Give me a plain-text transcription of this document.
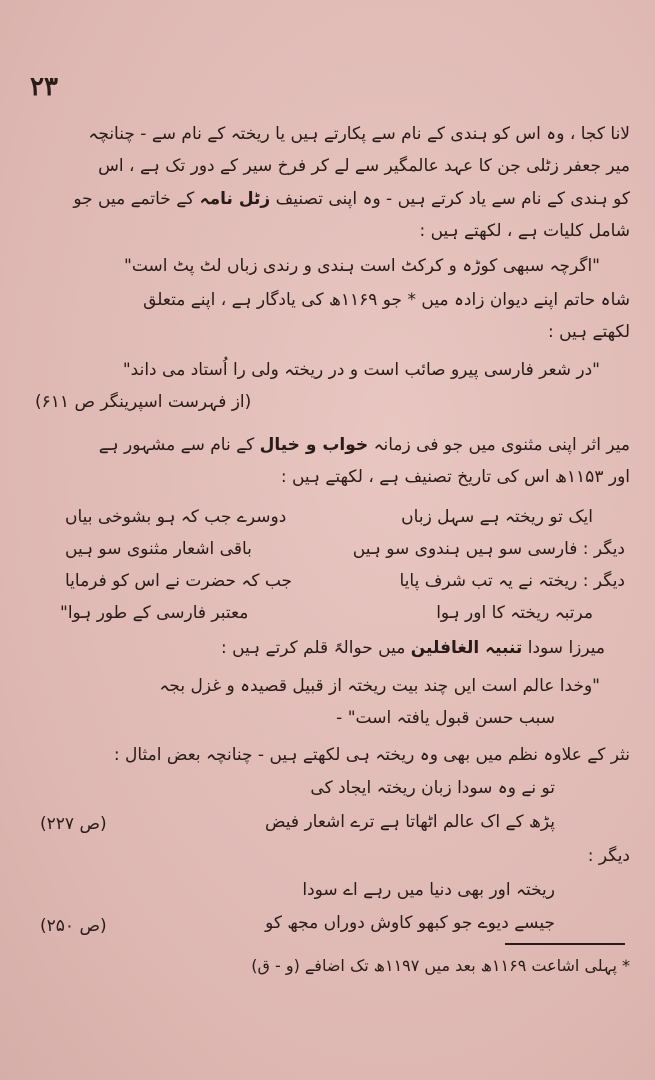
۲۳
لانا کجا ، وہ اس کو ہندی کے نام سے پکارتے ہیں یا ریختہ کے نام سے - چنانچہ
میر جعفر زٹلی جن کا عہد عالمگیر سے لے کر فرخ سیر کے دور تک ہے ، اس
کو ہندی کے نام سے یاد کرتے ہیں - وہ اپنی تصنیف زٹل نامہ کے خاتمے میں جو
شامل کلیات ہے ، لکھتے ہیں :
"اگرچہ سبھی کوڑہ و کرکٹ است ہندی و رندی زباں لٹ پٹ است"
شاہ حاتم اپنے دیوان زادہ میں * جو ۱۱۶۹ھ کی یادگار ہے ، اپنے متعلق
لکھتے ہیں :
"در شعر فارسی پیرو صائب است و در ریختہ ولی را اُستاد می داند"
(از فہرست اسپرینگر ص ۶۱۱)
میر اثر اپنی مثنوی میں جو فی زمانہ خواب و خیال کے نام سے مشہور ہے
اور ۱۱۵۳ھ اس کی تاریخ تصنیف ہے ، لکھتے ہیں :
ایک تو ریختہ ہے سہل زباں
دوسرے جب کہ ہو بشوخی بیاں
دیگر : فارسی سو ہیں ہندوی سو ہیں
باقی اشعار مثنوی سو ہیں
دیگر : ریختہ نے یہ تب شرف پایا
جب کہ حضرت نے اس کو فرمایا
مرتبہ ریختہ کا اور ہوا
معتبر فارسی کے طور ہوا"
میرزا سودا تنبیہ الغافلین میں حوالہً قلم کرتے ہیں :
"وخدا عالم است ایں چند بیت ریختہ از قبیل قصیدہ و غزل بجہ
سبب حسن قبول یافتہ است" -
نثر کے علاوہ نظم میں بھی وہ ریختہ ہی لکھتے ہیں - چنانچہ بعض امثال :
تو نے وہ سودا زبان ریختہ ایجاد کی
پڑھ کے اک عالم اٹھاتا ہے ترے اشعار فیض
(ص ۲۲۷)
دیگر :
ریختہ اور بھی دنیا میں رہے اے سودا
جیسے دیوے جو کبھو کاوش دوراں مجھ کو
(ص ۲۵۰)
* پہلی اشاعت ۱۱۶۹ھ بعد میں ۱۱۹۷ھ تک اضافے (و - ق)
